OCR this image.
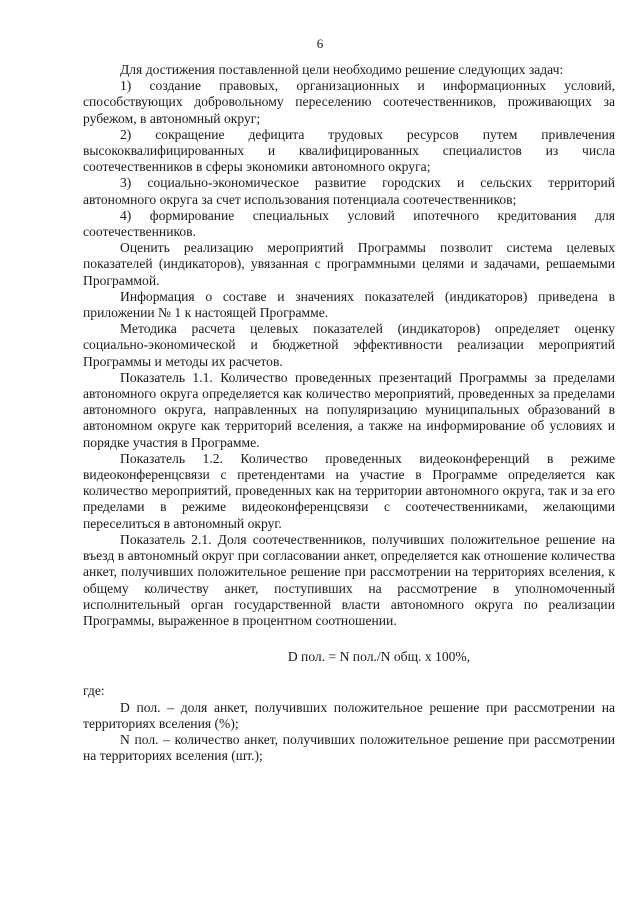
6

Для достижения поставленной цели необходимо решение следующих задач:

1) создание правовых, организационных и информационных условий, способствующих добровольному переселению соотечественников, проживающих за рубежом, в автономный округ;

2) сокращение дефицита трудовых ресурсов путем привлечения высококвалифицированных и квалифицированных специалистов из числа соотечественников в сферы экономики автономного округа;

3) социально-экономическое развитие городских и сельских территорий автономного округа за счет использования потенциала соотечественников;

4) формирование специальных условий ипотечного кредитования для соотечественников.

Оценить реализацию мероприятий Программы позволит система целевых показателей (индикаторов), увязанная с программными целями и задачами, решаемыми Программой.

Информация о составе и значениях показателей (индикаторов) приведена в приложении № 1 к настоящей Программе.

Методика расчета целевых показателей (индикаторов) определяет оценку социально-экономической и бюджетной эффективности реализации мероприятий Программы и методы их расчетов.

Показатель 1.1. Количество проведенных презентаций Программы за пределами автономного округа определяется как количество мероприятий, проведенных за пределами автономного округа, направленных на популяризацию муниципальных образований в автономном округе как территорий вселения, а также на информирование об условиях и порядке участия в Программе.

Показатель 1.2. Количество проведенных видеоконференций в режиме видеоконференцсвязи с претендентами на участие в Программе определяется как количество мероприятий, проведенных как на территории автономного округа, так и за его пределами в режиме видеоконференцсвязи с соотечественниками, желающими переселиться в автономный округ.

Показатель 2.1. Доля соотечественников, получивших положительное решение на въезд в автономный округ при согласовании анкет, определяется как отношение количества анкет, получивших положительное решение при рассмотрении на территориях вселения, к общему количеству анкет, поступивших на рассмотрение в уполномоченный исполнительный орган государственной власти автономного округа по реализации Программы, выраженное в процентном соотношении.

D пол. = N пол./N общ. x 100%,

где:

D пол. – доля анкет, получивших положительное решение при рассмотрении на территориях вселения (%);

N пол. – количество анкет, получивших положительное решение при рассмотрении на территориях вселения (шт.);
